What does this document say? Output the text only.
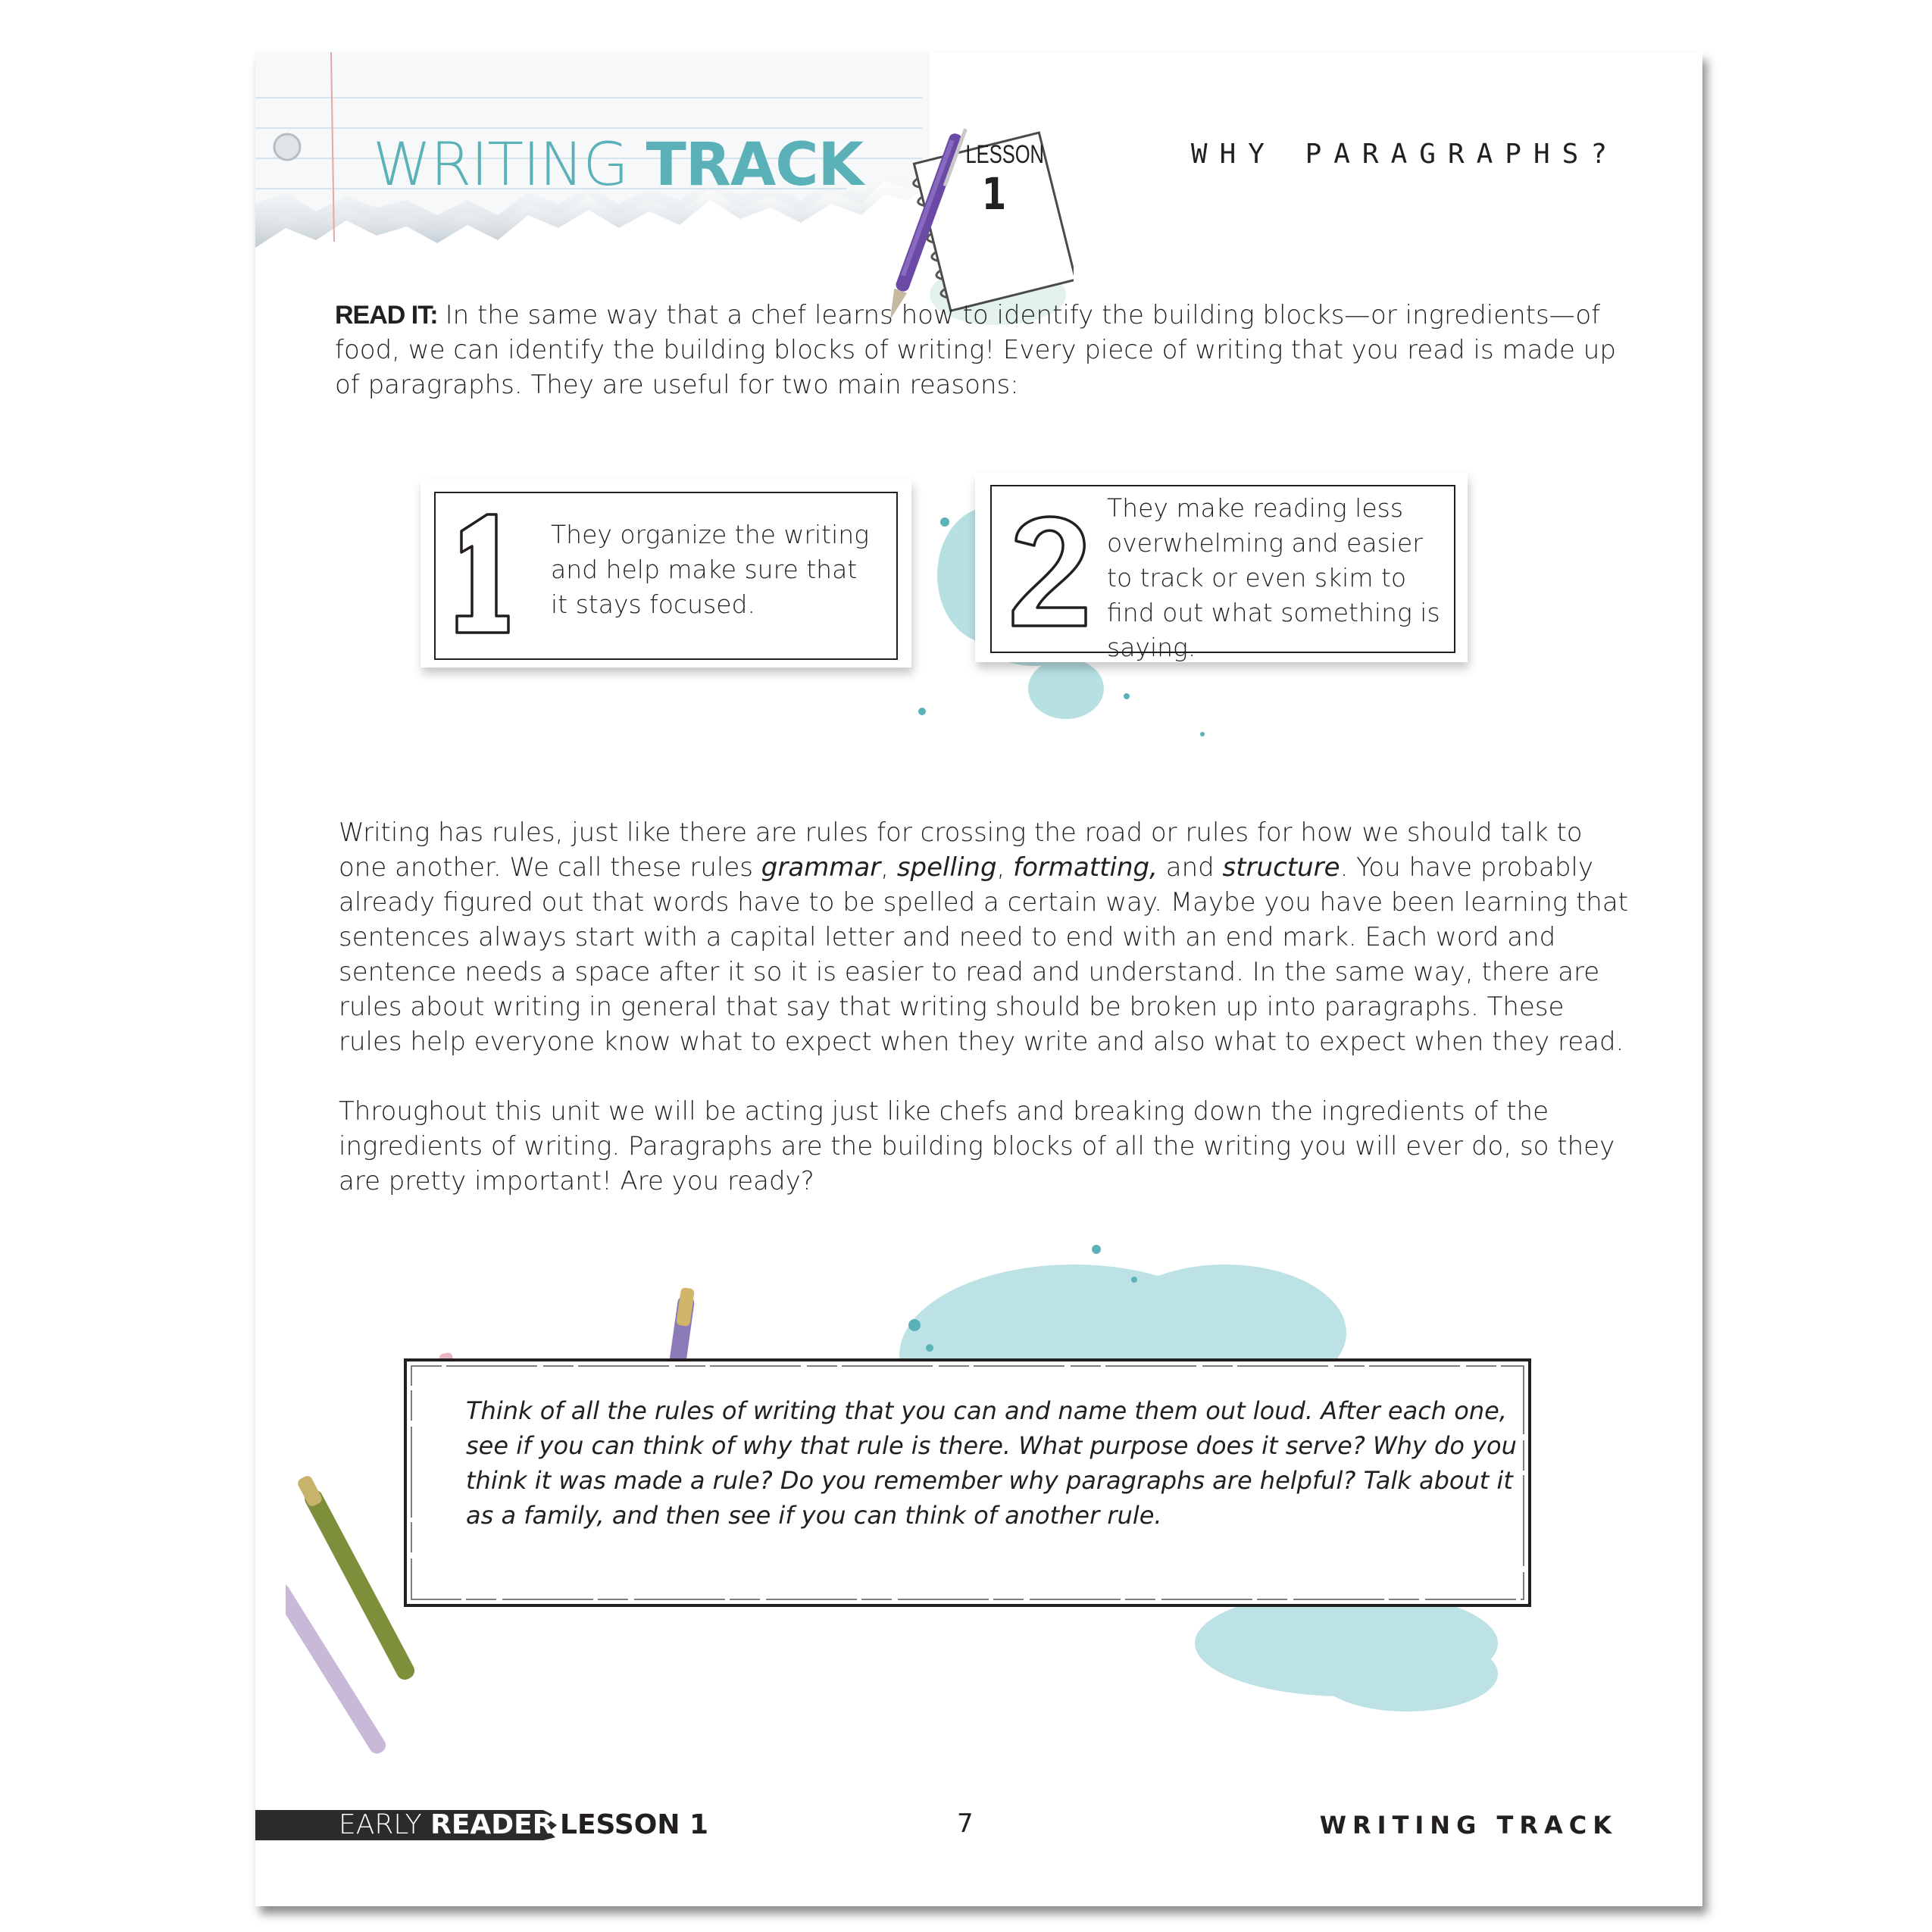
WRITING TRACK	LESSON
1
WHY PARAGRAPHS?
READ IT: In the same way that a chef learns how to identify the building blocks—or ingredients—of food, we can identify the building blocks of writing! Every piece of writing that you read is made up of paragraphs. They are useful for two main reasons:
They organize the writing and help make sure that it stays focused.
They make reading less overwhelming and easier to track or even skim to find out what something is saying.
Writing has rules, just like there are rules for crossing the road or rules for how we should talk to one another. We call these rules grammar, spelling, formatting, and structure. You have probably already figured out that words have to be spelled a certain way. Maybe you have been learning that sentences always start with a capital letter and need to end with an end mark. Each word and sentence needs a space after it so it is easier to read and understand. In the same way, there are rules about writing in general that say that writing should be broken up into paragraphs. These rules help everyone know what to expect when they write and also what to expect when they read.
Throughout this unit we will be acting just like chefs and breaking down the ingredients of the ingredients of writing. Paragraphs are the building blocks of all the writing you will ever do, so they are pretty important! Are you ready?
Think of all the rules of writing that you can and name them out loud. After each one, see if you can think of why that rule is there. What purpose does it serve? Why do you think it was made a rule? Do you remember why paragraphs are helpful? Talk about it as a family, and then see if you can think of another rule.
EARLY READER LESSON 1	7	WRITING TRACK
